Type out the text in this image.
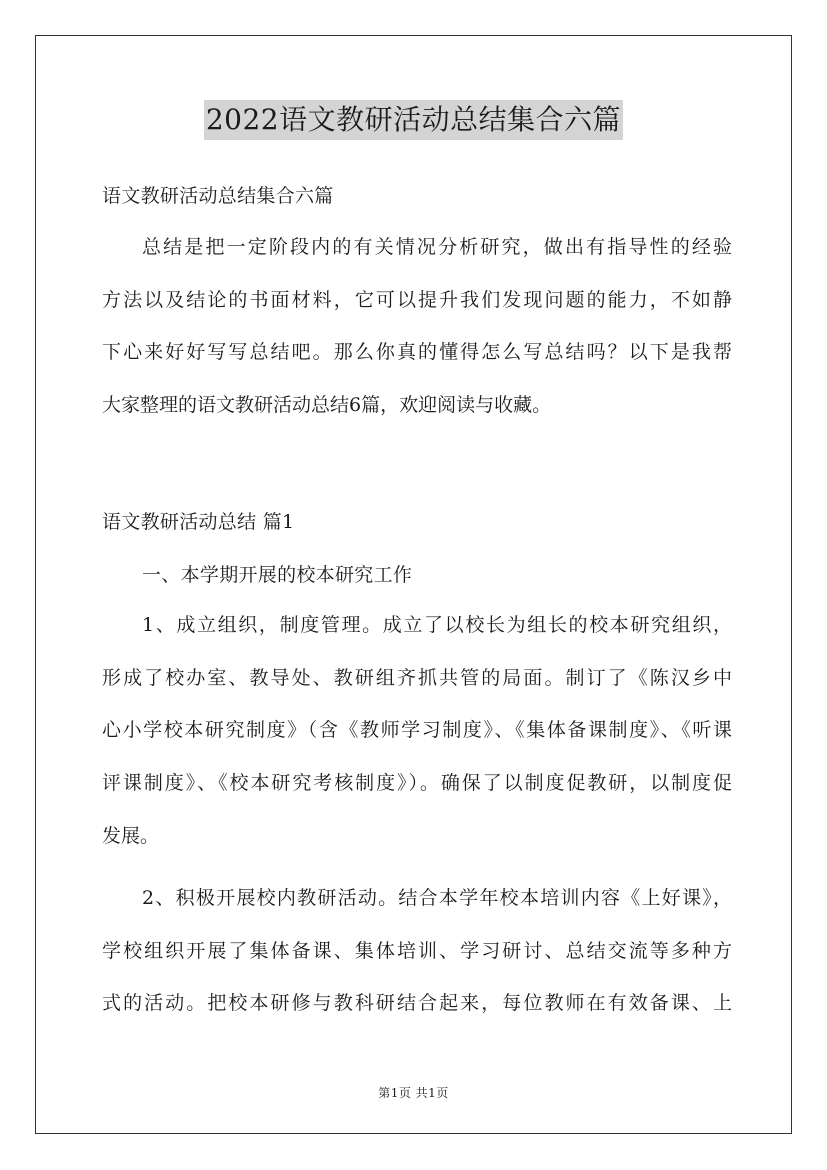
2022语文教研活动总结集合六篇
语文教研活动总结集合六篇
总结是把一定阶段内的有关情况分析研究，做出有指导性的经验
方法以及结论的书面材料，它可以提升我们发现问题的能力，不如静
下心来好好写写总结吧。那么你真的懂得怎么写总结吗？以下是我帮
大家整理的语文教研活动总结6篇，欢迎阅读与收藏。
语文教研活动总结 篇1
一、本学期开展的校本研究工作
1、成立组织，制度管理。成立了以校长为组长的校本研究组织，
形成了校办室、教导处、教研组齐抓共管的局面。制订了《陈汉乡中
心小学校本研究制度》（含《教师学习制度》、《集体备课制度》、《听课
评课制度》、《校本研究考核制度》）。确保了以制度促教研，以制度促
发展。
2、积极开展校内教研活动。结合本学年校本培训内容《上好课》，
学校组织开展了集体备课、集体培训、学习研讨、总结交流等多种方
式的活动。把校本研修与教科研结合起来，每位教师在有效备课、上
第1页 共1页
